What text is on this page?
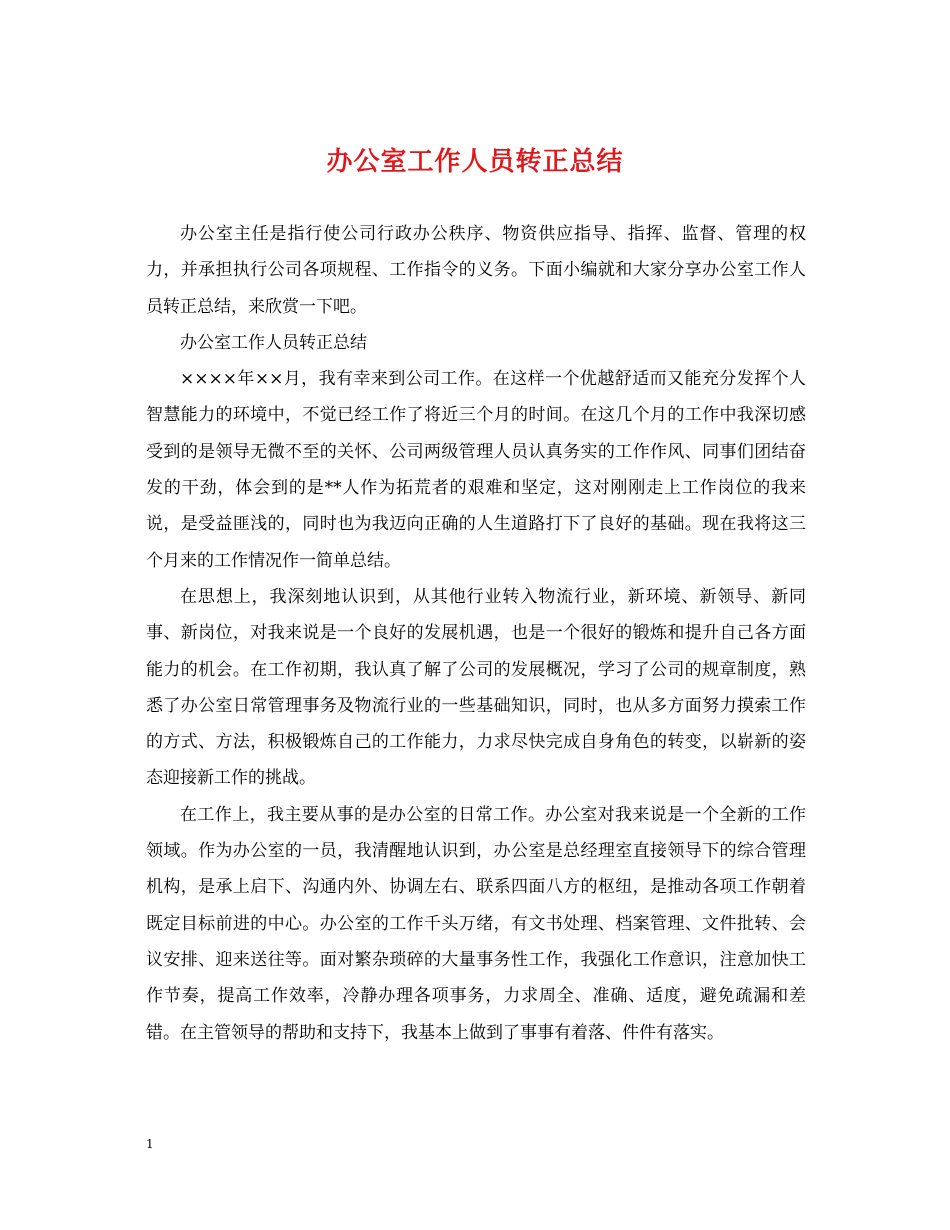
办公室工作人员转正总结

办公室主任是指行使公司行政办公秩序、物资供应指导、指挥、监督、管理的权力，并承担执行公司各项规程、工作指令的义务。下面小编就和大家分享办公室工作人员转正总结，来欣赏一下吧。

办公室工作人员转正总结

××××年××月，我有幸来到公司工作。在这样一个优越舒适而又能充分发挥个人智慧能力的环境中，不觉已经工作了将近三个月的时间。在这几个月的工作中我深切感受到的是领导无微不至的关怀、公司两级管理人员认真务实的工作作风、同事们团结奋发的干劲，体会到的是**人作为拓荒者的艰难和坚定，这对刚刚走上工作岗位的我来说，是受益匪浅的，同时也为我迈向正确的人生道路打下了良好的基础。现在我将这三个月来的工作情况作一简单总结。

在思想上，我深刻地认识到，从其他行业转入物流行业，新环境、新领导、新同事、新岗位，对我来说是一个良好的发展机遇，也是一个很好的锻炼和提升自己各方面能力的机会。在工作初期，我认真了解了公司的发展概况，学习了公司的规章制度，熟悉了办公室日常管理事务及物流行业的一些基础知识，同时，也从多方面努力摸索工作的方式、方法，积极锻炼自己的工作能力，力求尽快完成自身角色的转变，以崭新的姿态迎接新工作的挑战。

在工作上，我主要从事的是办公室的日常工作。办公室对我来说是一个全新的工作领域。作为办公室的一员，我清醒地认识到，办公室是总经理室直接领导下的综合管理机构，是承上启下、沟通内外、协调左右、联系四面八方的枢纽，是推动各项工作朝着既定目标前进的中心。办公室的工作千头万绪，有文书处理、档案管理、文件批转、会议安排、迎来送往等。面对繁杂琐碎的大量事务性工作，我强化工作意识，注意加快工作节奏，提高工作效率，冷静办理各项事务，力求周全、准确、适度，避免疏漏和差错。在主管领导的帮助和支持下，我基本上做到了事事有着落、件件有落实。

1
